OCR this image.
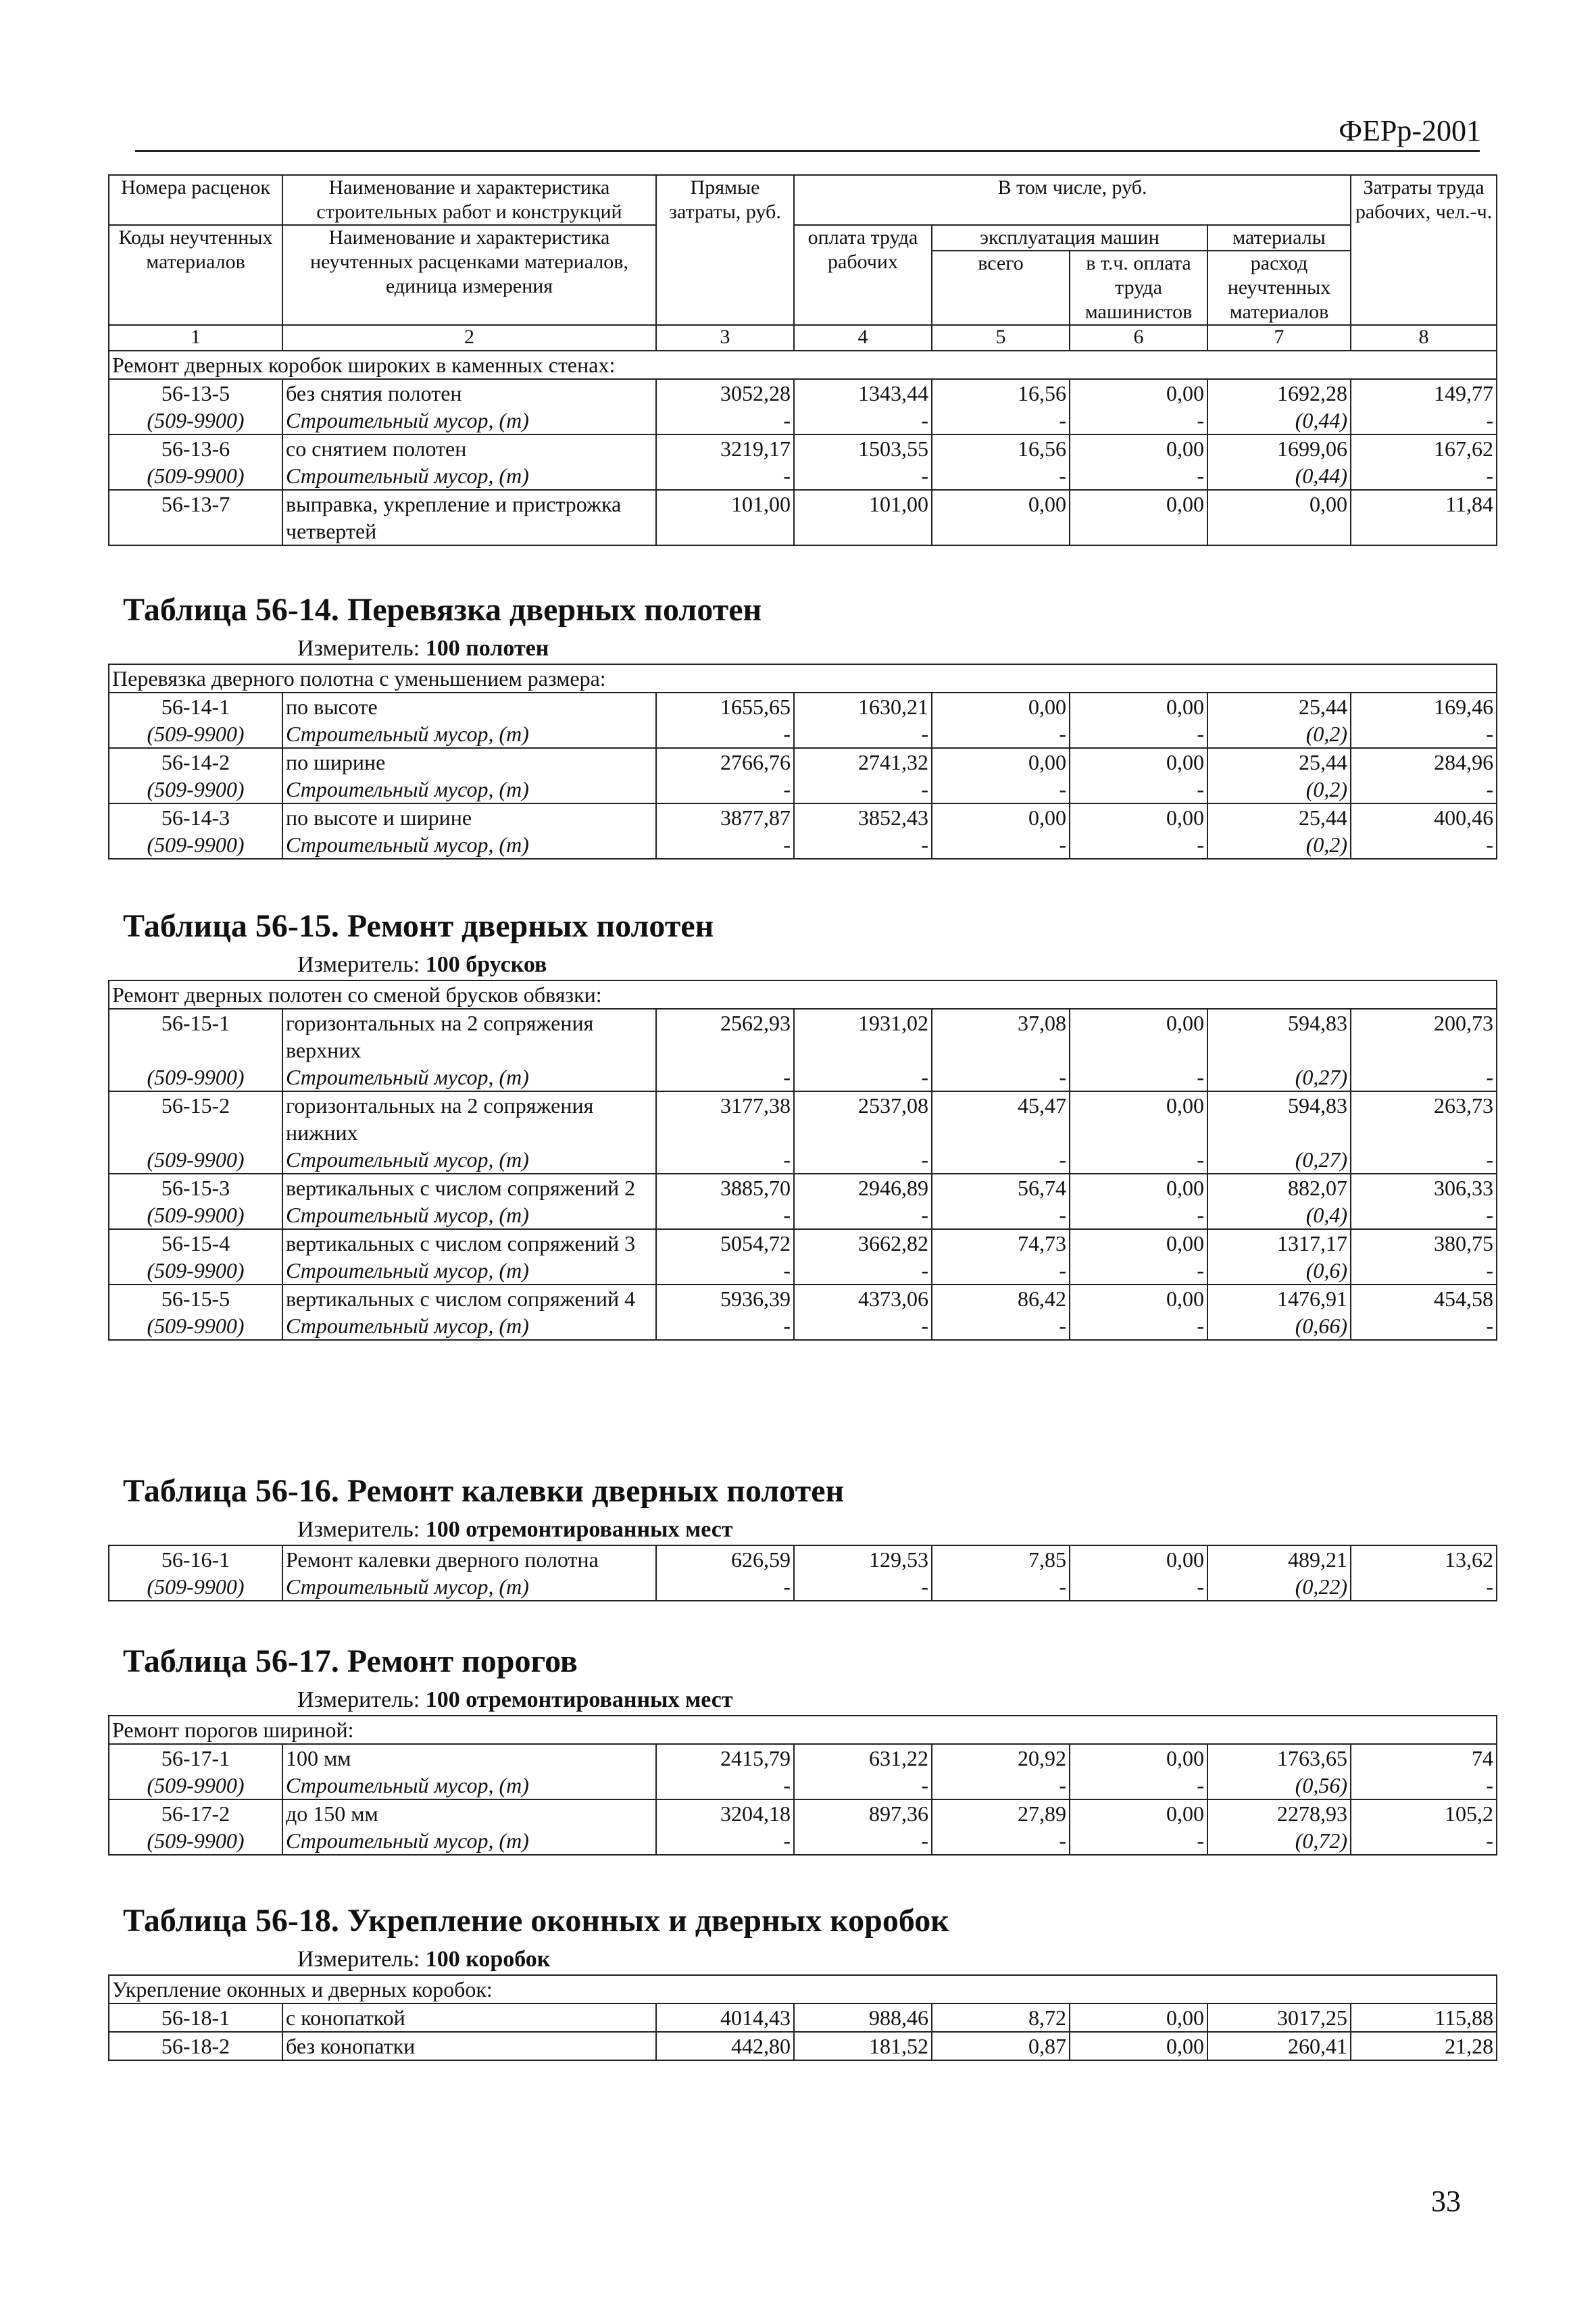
ФЕРр-2001
Номера расценок	Наименование и характеристика строительных работ и конструкций	Прямые затраты, руб.	В том числе, руб.				Затраты труда рабочих, чел.-ч.
Коды неучтенных материалов	Наименование и характеристика неучтенных расценками материалов, единица измерения		оплата труда рабочих	эксплуатация машин		материалы	
				всего	в т.ч. оплата труда машинистов	расход неучтенных материалов	

1	2	3	4	5	6	7	8
Ремонт дверных коробок широких в каменных стенах:							
56-13-5	без снятия полотен	3052,28	1343,44	16,56	0,00	1692,28	149,77
(509-9900)	Строительный мусор, (т)	-	-	-	-	(0,44)	-
56-13-6	со снятием полотен	3219,17	1503,55	16,56	0,00	1699,06	167,62
(509-9900)	Строительный мусор, (т)	-	-	-	-	(0,44)	-
56-13-7	выправка, укрепление и пристрожка четвертей	101,00	101,00	0,00	0,00	0,00	11,84
Таблица 56-14. Перевязка дверных полотен
Измеритель: 100 полотен
Перевязка дверного полотна с уменьшением размера:							
56-14-1	по высоте	1655,65	1630,21	0,00	0,00	25,44	169,46
(509-9900)	Строительный мусор, (т)	-	-	-	-	(0,2)	-
56-14-2	по ширине	2766,76	2741,32	0,00	0,00	25,44	284,96
(509-9900)	Строительный мусор, (т)	-	-	-	-	(0,2)	-
56-14-3	по высоте и ширине	3877,87	3852,43	0,00	0,00	25,44	400,46
(509-9900)	Строительный мусор, (т)	-	-	-	-	(0,2)	-
Таблица 56-15. Ремонт дверных полотен
Измеритель: 100 брусков
Ремонт дверных полотен со сменой брусков обвязки:							
56-15-1	горизонтальных на 2 сопряжения верхних	2562,93	1931,02	37,08	0,00	594,83	200,73
(509-9900)	Строительный мусор, (т)	-	-	-	-	(0,27)	-
56-15-2	горизонтальных на 2 сопряжения нижних	3177,38	2537,08	45,47	0,00	594,83	263,73
(509-9900)	Строительный мусор, (т)	-	-	-	-	(0,27)	-
56-15-3	вертикальных с числом сопряжений 2	3885,70	2946,89	56,74	0,00	882,07	306,33
(509-9900)	Строительный мусор, (т)	-	-	-	-	(0,4)	-
56-15-4	вертикальных с числом сопряжений 3	5054,72	3662,82	74,73	0,00	1317,17	380,75
(509-9900)	Строительный мусор, (т)	-	-	-	-	(0,6)	-
56-15-5	вертикальных с числом сопряжений 4	5936,39	4373,06	86,42	0,00	1476,91	454,58
(509-9900)	Строительный мусор, (т)	-	-	-	-	(0,66)	-
Таблица 56-16. Ремонт калевки дверных полотен
Измеритель: 100 отремонтированных мест
56-16-1	Ремонт калевки дверного полотна	626,59	129,53	7,85	0,00	489,21	13,62
(509-9900)	Строительный мусор, (т)	-	-	-	-	(0,22)	-
Таблица 56-17. Ремонт порогов
Измеритель: 100 отремонтированных мест
Ремонт порогов шириной:							
56-17-1	100 мм	2415,79	631,22	20,92	0,00	1763,65	74
(509-9900)	Строительный мусор, (т)	-	-	-	-	(0,56)	-
56-17-2	до 150 мм	3204,18	897,36	27,89	0,00	2278,93	105,2
(509-9900)	Строительный мусор, (т)	-	-	-	-	(0,72)	-
Таблица 56-18. Укрепление оконных и дверных коробок
Измеритель: 100 коробок
Укрепление оконных и дверных коробок:							
56-18-1	с конопаткой	4014,43	988,46	8,72	0,00	3017,25	115,88
56-18-2	без конопатки	442,80	181,52	0,87	0,00	260,41	21,28
33
